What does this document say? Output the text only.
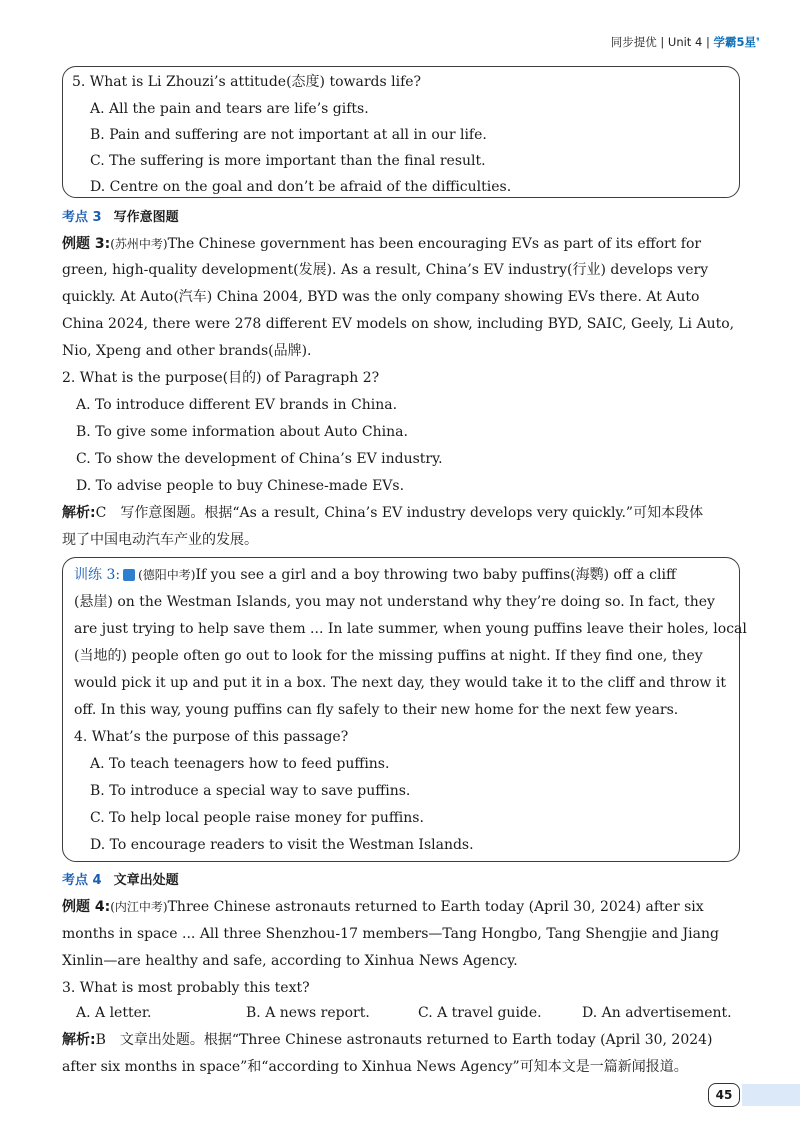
同步提优 | Unit 4 | 学霸5星❜
5. What is Li Zhouzi’s attitude(态度) towards life?
A. All the pain and tears are life’s gifts.
B. Pain and suffering are not important at all in our life.
C. The suffering is more important than the final result.
D. Centre on the goal and don’t be afraid of the difficulties.
考点 3 写作意图题
例题 3:(苏州中考)The Chinese government has been encouraging EVs as part of its effort for
green, high-quality development(发展). As a result, China’s EV industry(行业) develops very
quickly. At Auto(汽车) China 2004, BYD was the only company showing EVs there. At Auto
China 2024, there were 278 different EV models on show, including BYD, SAIC, Geely, Li Auto,
Nio, Xpeng and other brands(品牌).
2. What is the purpose(目的) of Paragraph 2?
A. To introduce different EV brands in China.
B. To give some information about Auto China.
C. To show the development of China’s EV industry.
D. To advise people to buy Chinese-made EVs.
解析:C　写作意图题。根据“As a result, China’s EV industry develops very quickly.”可知本段体
现了中国电动汽车产业的发展。
训练 3: (德阳中考)If you see a girl and a boy throwing two baby puffins(海鹦) off a cliff
(悬崖) on the Westman Islands, you may not understand why they’re doing so. In fact, they
are just trying to help save them ... In late summer, when young puffins leave their holes, local
(当地的) people often go out to look for the missing puffins at night. If they find one, they
would pick it up and put it in a box. The next day, they would take it to the cliff and throw it
off. In this way, young puffins can fly safely to their new home for the next few years.
4. What’s the purpose of this passage?
A. To teach teenagers how to feed puffins.
B. To introduce a special way to save puffins.
C. To help local people raise money for puffins.
D. To encourage readers to visit the Westman Islands.
考点 4 文章出处题
例题 4:(内江中考)Three Chinese astronauts returned to Earth today (April 30, 2024) after six
months in space ... All three Shenzhou-17 members—Tang Hongbo, Tang Shengjie and Jiang
Xinlin—are healthy and safe, according to Xinhua News Agency.
3. What is most probably this text?
A. A letter.	B. A news report.	C. A travel guide.	D. An advertisement.
解析:B　文章出处题。根据“Three Chinese astronauts returned to Earth today (April 30, 2024)
after six months in space”和“according to Xinhua News Agency”可知本文是一篇新闻报道。
45
